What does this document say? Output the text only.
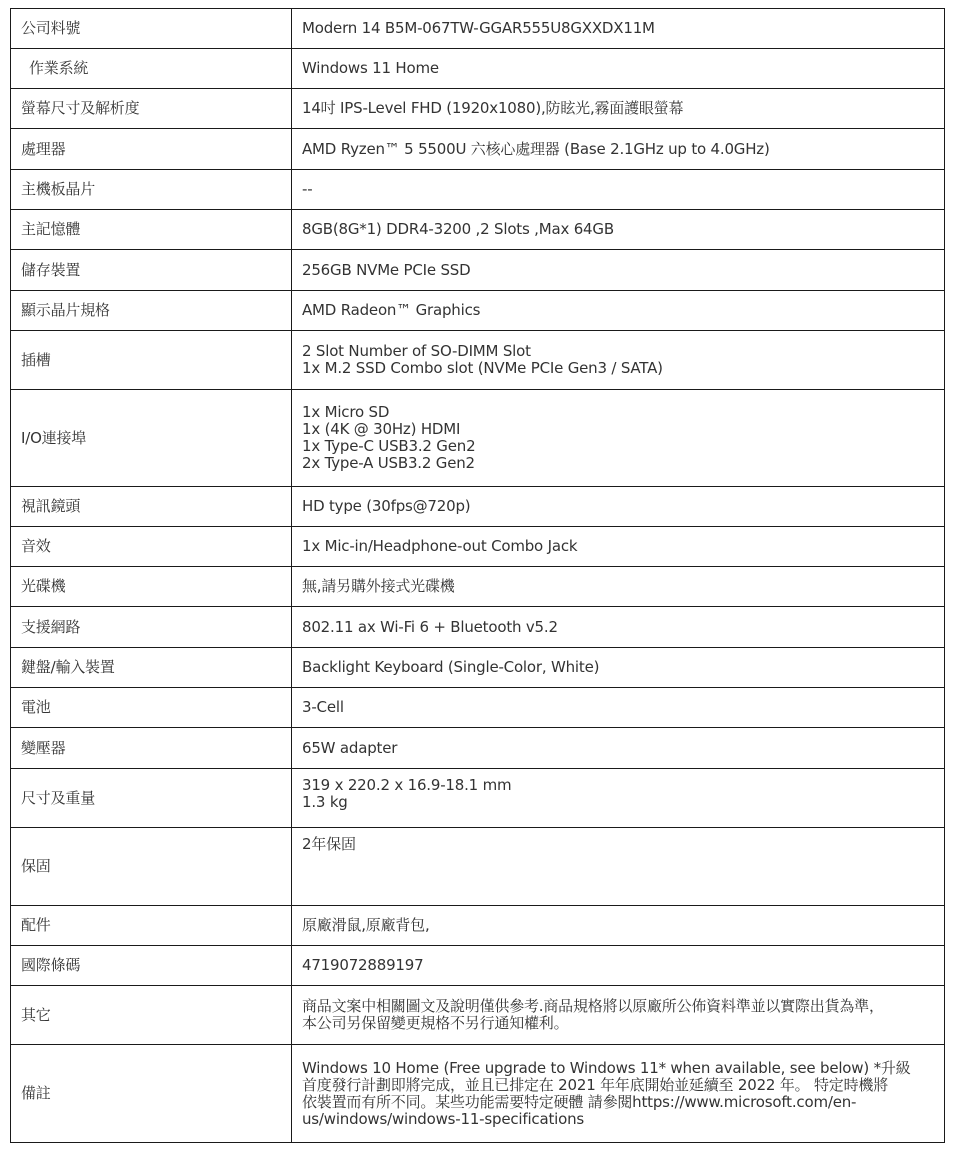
公司料號	Modern 14 B5M-067TW-GGAR555U8GXXDX11M

作業系統	Windows 11 Home

螢幕尺寸及解析度	14吋 IPS-Level FHD (1920x1080),防眩光,霧面護眼螢幕

處理器	AMD Ryzen™ 5 5500U 六核心處理器 (Base 2.1GHz up to 4.0GHz)

主機板晶片	--

主記憶體	8GB(8G*1) DDR4-3200 ,2 Slots ,Max 64GB

儲存裝置	256GB NVMe PCIe SSD

顯示晶片規格	AMD Radeon™ Graphics

插槽	2 Slot Number of SO-DIMM Slot
1x M.2 SSD Combo slot (NVMe PCIe Gen3 / SATA)

I/O連接埠	1x Micro SD
1x (4K @ 30Hz) HDMI
1x Type-C USB3.2 Gen2
2x Type-A USB3.2 Gen2

視訊鏡頭	HD type (30fps@720p)

音效	1x Mic-in/Headphone-out Combo Jack

光碟機	無,請另購外接式光碟機

支援網路	802.11 ax Wi-Fi 6 + Bluetooth v5.2

鍵盤/輸入裝置	Backlight Keyboard (Single-Color, White)

電池	3-Cell

變壓器	65W adapter

尺寸及重量	319 x 220.2 x 16.9-18.1 mm
1.3 kg

保固	2年保固

配件	原廠滑鼠,原廠背包,

國際條碼	4719072889197

其它	商品文案中相關圖文及說明僅供參考.商品規格將以原廠所公佈資料準並以實際出貨為準，
本公司另保留變更規格不另行通知權利。

備註	Windows 10 Home (Free upgrade to Windows 11* when available, see below) *升級
首度發行計劃即將完成，並且已排定在 2021 年年底開始並延續至 2022 年。 特定時機將
依裝置而有所不同。某些功能需要特定硬體 請參閱https://www.microsoft.com/en-
us/windows/windows-11-specifications
